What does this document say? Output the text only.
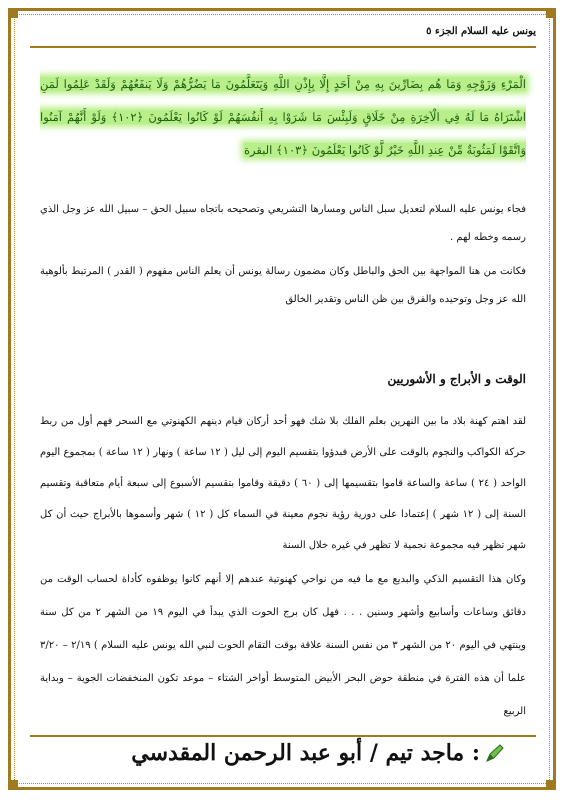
يونس عليه السلام الجزء ٥
الْمَرْءِ وَزَوْجِهِ وَمَا هُم بِضَارِّينَ بِهِ مِنْ أَحَدٍ إِلَّا بِإِذْنِ اللَّهِ وَيَتَعَلَّمُونَ مَا يَضُرُّهُمْ وَلَا يَنفَعُهُمْ وَلَقَدْ عَلِمُوا لَمَنِ اشْتَرَاهُ مَا لَهُ فِي الْآخِرَةِ مِنْ خَلَاقٍ وَلَبِئْسَ مَا شَرَوْا بِهِ أَنفُسَهُمْ لَوْ كَانُوا يَعْلَمُونَ ﴿١٠٢﴾ وَلَوْ أَنَّهُمْ آمَنُوا وَاتَّقَوْا لَمَثُوبَةٌ مِّنْ عِندِ اللَّهِ خَيْرٌ لَّوْ كَانُوا يَعْلَمُونَ ﴿١٠٣﴾ البقرة
فجاء يونس عليه السلام لتعديل سبل الناس ومسارها التشريعي وتصحيحه باتجاه سبيل الحق – سبيل الله عز وجل الذي رسمه وخطه لهم .
فكانت من هنا المواجهة بين الحق والباطل وكان مضمون رسالة يونس أن يعلم الناس مفهوم ( القدر ) المرتبط بألوهية الله عز وجل وتوحيده والفرق بين ظن الناس وتقدير الخالق
الوقت و الأبراج و الأشوريين
لقد اهتم كهنة بلاد ما بين النهرين بعلم الفلك بلا شك فهو أحد أركان قيام دينهم الكهنوتي مع السحر فهم أول من ربط حركة الكواكب والنجوم بالوقت على الأرض فبدؤوا بتقسيم اليوم إلى ليل ( ١٢ ساعة ) ونهار ( ١٢ ساعة ) بمجموع اليوم الواحد ( ٢٤ ) ساعة والساعة قاموا بتقسيمها إلى ( ٦٠ ) دقيقة وقاموا بتقسيم الأسبوع إلى سبعة أيام متعاقبة وتقسيم السنة إلى ( ١٢ شهر ) إعتمادا على دورية رؤية نجوم معينة في السماء كل ( ١٢ ) شهر وأسموها بالأبراج حيث أن كل شهر تظهر فيه مجموعة نجمية لا تظهر في غيره خلال السنة
وكان هذا التقسيم الذكي والبديع مع ما فيه من نواحي كهنوتية عندهم إلا أنهم كانوا يوظفوه كأداة لحساب الوقت من دقائق وساعات وأسابيع وأشهر وسنين . . . فهل كان برج الحوت الذي يبدأ في اليوم ١٩ من الشهر ٢ من كل سنة وينتهي في اليوم ٢٠ من الشهر ٣ من نفس السنة علاقة بوقت التقام الحوت لنبي الله يونس عليه السلام ) ٢/١٩ – ٣/٢٠ علما أن هذه الفترة في منطقة حوض البحر الأبيض المتوسط أواخر الشتاء – موعد تكون المنخفضات الجوية – وبداية الربيع
: ماجد تيم / أبو عبد الرحمن المقدسي
